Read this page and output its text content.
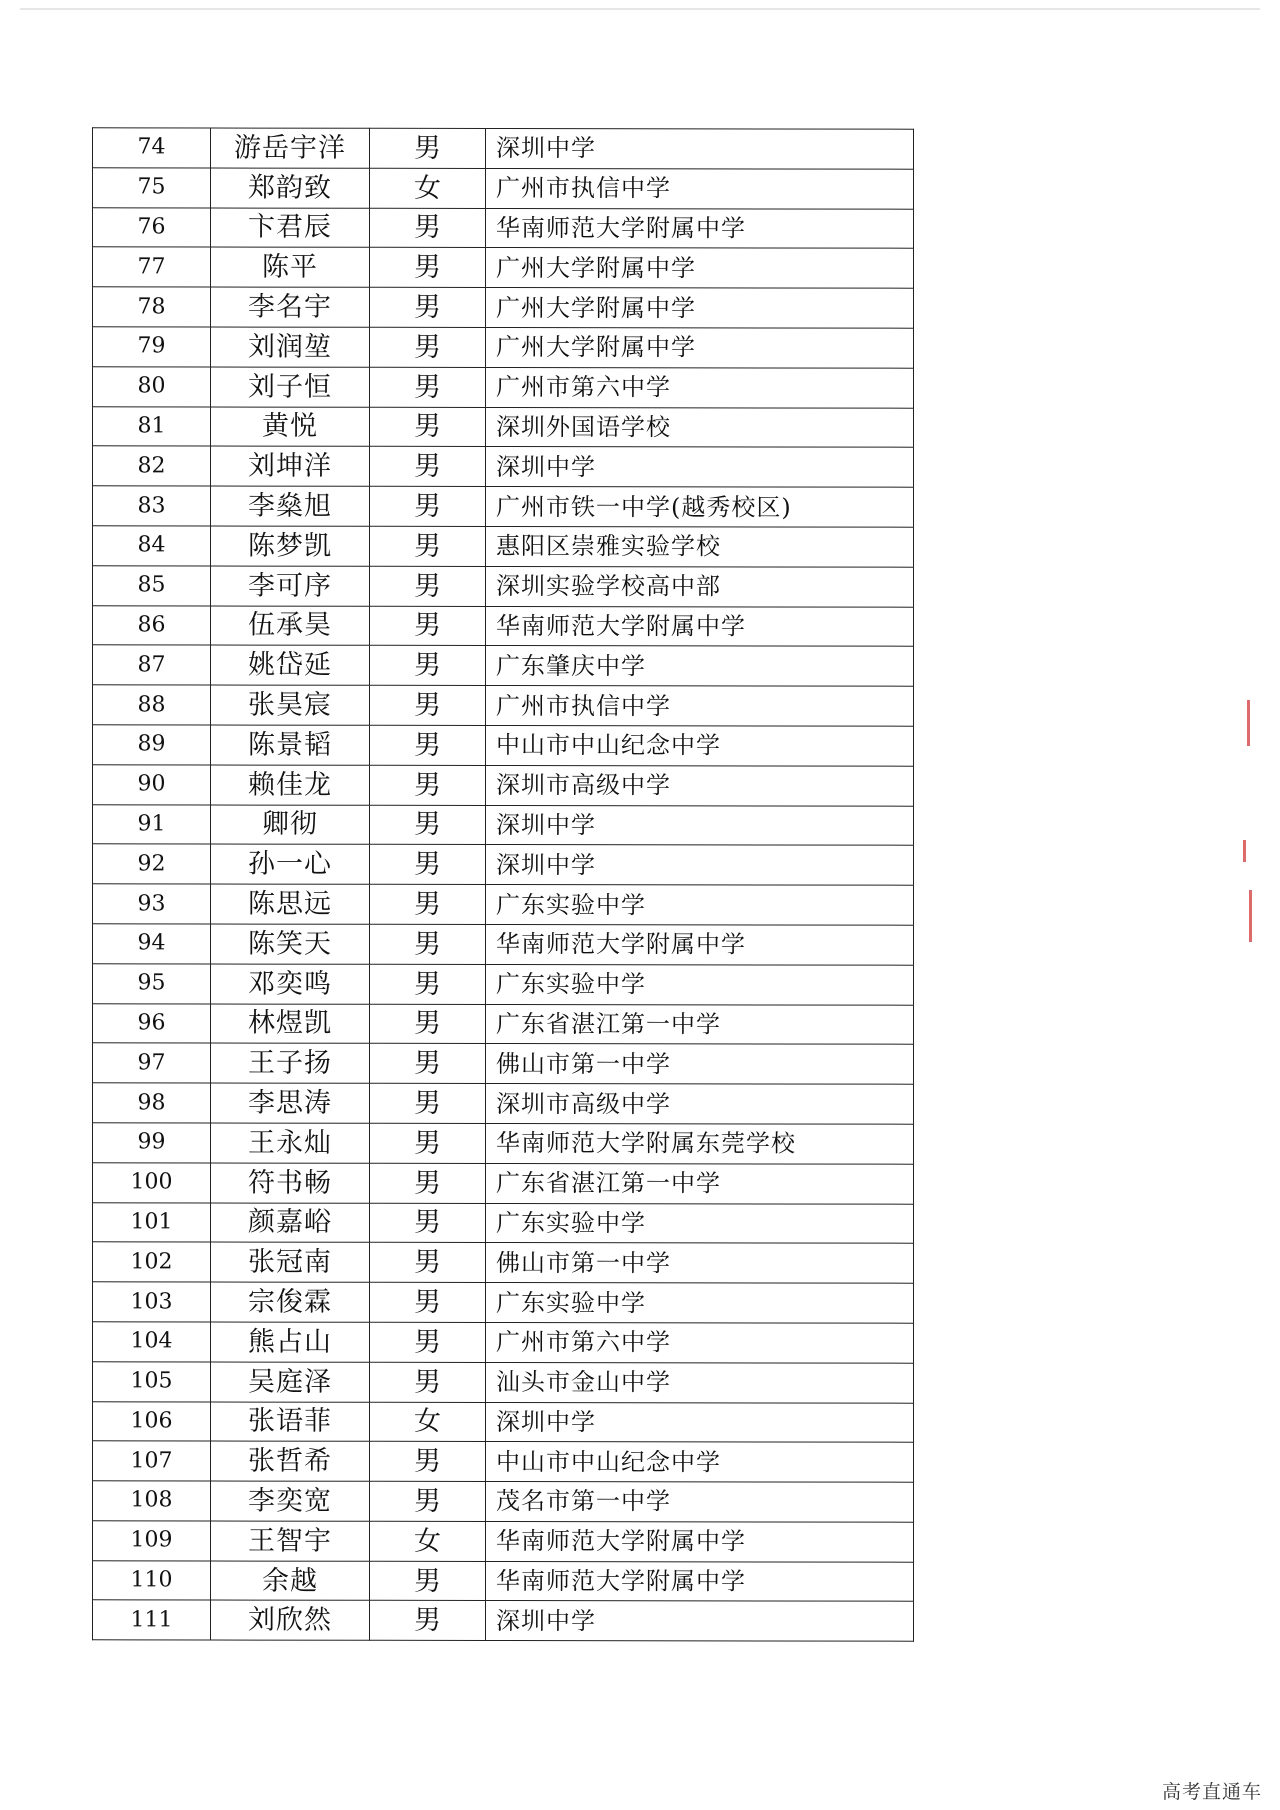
74	游岳宇洋	男	深圳中学
75	郑韵致	女	广州市执信中学
76	卞君辰	男	华南师范大学附属中学
77	陈平	男	广州大学附属中学
78	李名宇	男	广州大学附属中学
79	刘润堃	男	广州大学附属中学
80	刘子恒	男	广州市第六中学
81	黄悦	男	深圳外国语学校
82	刘坤洋	男	深圳中学
83	李燊旭	男	广州市铁一中学(越秀校区)
84	陈梦凯	男	惠阳区崇雅实验学校
85	李可序	男	深圳实验学校高中部
86	伍承昊	男	华南师范大学附属中学
87	姚岱延	男	广东肇庆中学
88	张昊宸	男	广州市执信中学
89	陈景韬	男	中山市中山纪念中学
90	赖佳龙	男	深圳市高级中学
91	卿彻	男	深圳中学
92	孙一心	男	深圳中学
93	陈思远	男	广东实验中学
94	陈笑天	男	华南师范大学附属中学
95	邓奕鸣	男	广东实验中学
96	林煜凯	男	广东省湛江第一中学
97	王子扬	男	佛山市第一中学
98	李思涛	男	深圳市高级中学
99	王永灿	男	华南师范大学附属东莞学校
100	符书畅	男	广东省湛江第一中学
101	颜嘉峪	男	广东实验中学
102	张冠南	男	佛山市第一中学
103	宗俊霖	男	广东实验中学
104	熊占山	男	广州市第六中学
105	吴庭泽	男	汕头市金山中学
106	张语菲	女	深圳中学
107	张哲希	男	中山市中山纪念中学
108	李奕宽	男	茂名市第一中学
109	王智宇	女	华南师范大学附属中学
110	余越	男	华南师范大学附属中学
111	刘欣然	男	深圳中学
高考直通车
